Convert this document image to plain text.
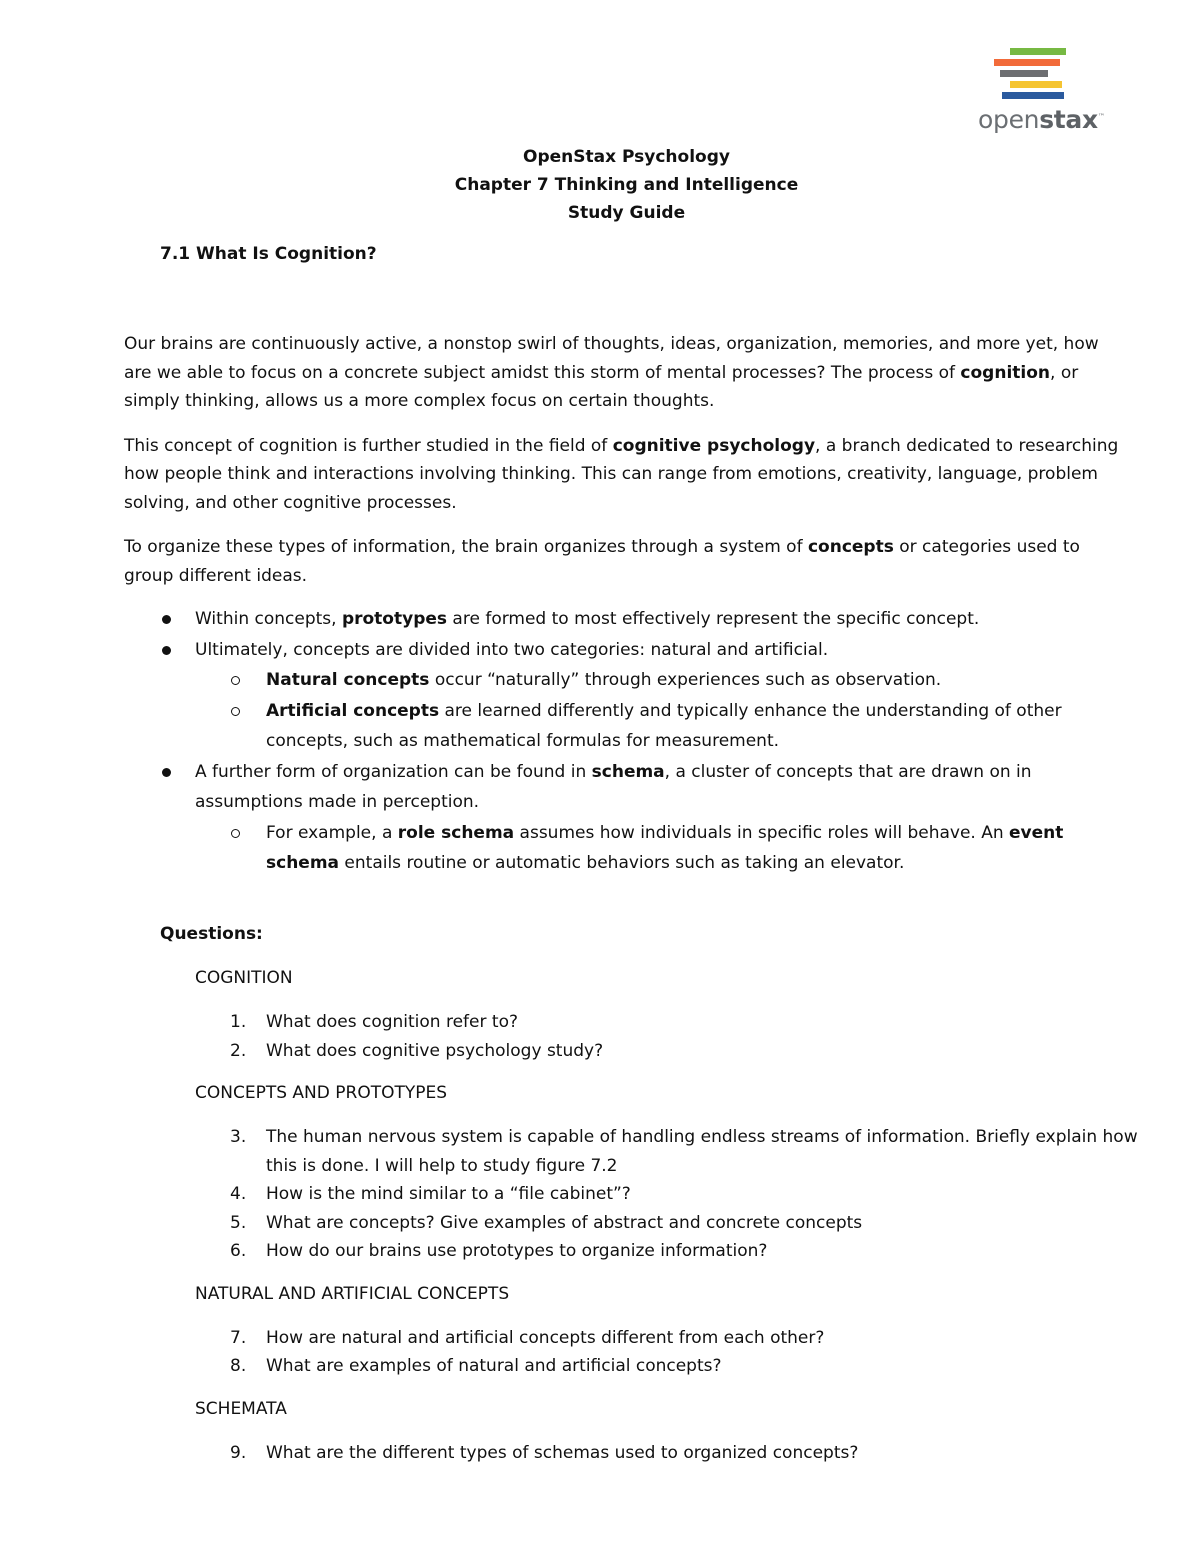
openstax™
OpenStax Psychology
Chapter 7 Thinking and Intelligence
Study Guide
7.1 What Is Cognition?

Our brains are continuously active, a nonstop swirl of thoughts, ideas, organization, memories, and more yet, how are we able to focus on a concrete subject amidst this storm of mental processes? The process of cognition, or simply thinking, allows us a more complex focus on certain thoughts.

This concept of cognition is further studied in the field of cognitive psychology, a branch dedicated to researching how people think and interactions involving thinking. This can range from emotions, creativity, language, problem solving, and other cognitive processes.

To organize these types of information, the brain organizes through a system of concepts or categories used to group different ideas.

Within concepts, prototypes are formed to most effectively represent the specific concept.
Ultimately, concepts are divided into two categories: natural and artificial.
Natural concepts occur “naturally” through experiences such as observation.
Artificial concepts are learned differently and typically enhance the understanding of other concepts, such as mathematical formulas for measurement.
A further form of organization can be found in schema, a cluster of concepts that are drawn on in assumptions made in perception.
For example, a role schema assumes how individuals in specific roles will behave. An event schema entails routine or automatic behaviors such as taking an elevator.
Questions:
COGNITION
1. What does cognition refer to?
2. What does cognitive psychology study?
CONCEPTS AND PROTOTYPES
3. The human nervous system is capable of handling endless streams of information. Briefly explain how this is done. I will help to study figure 7.2
4. How is the mind similar to a “file cabinet”?
5. What are concepts? Give examples of abstract and concrete concepts
6. How do our brains use prototypes to organize information?
NATURAL AND ARTIFICIAL CONCEPTS
7. How are natural and artificial concepts different from each other?
8. What are examples of natural and artificial concepts?
SCHEMATA
9. What are the different types of schemas used to organized concepts?
